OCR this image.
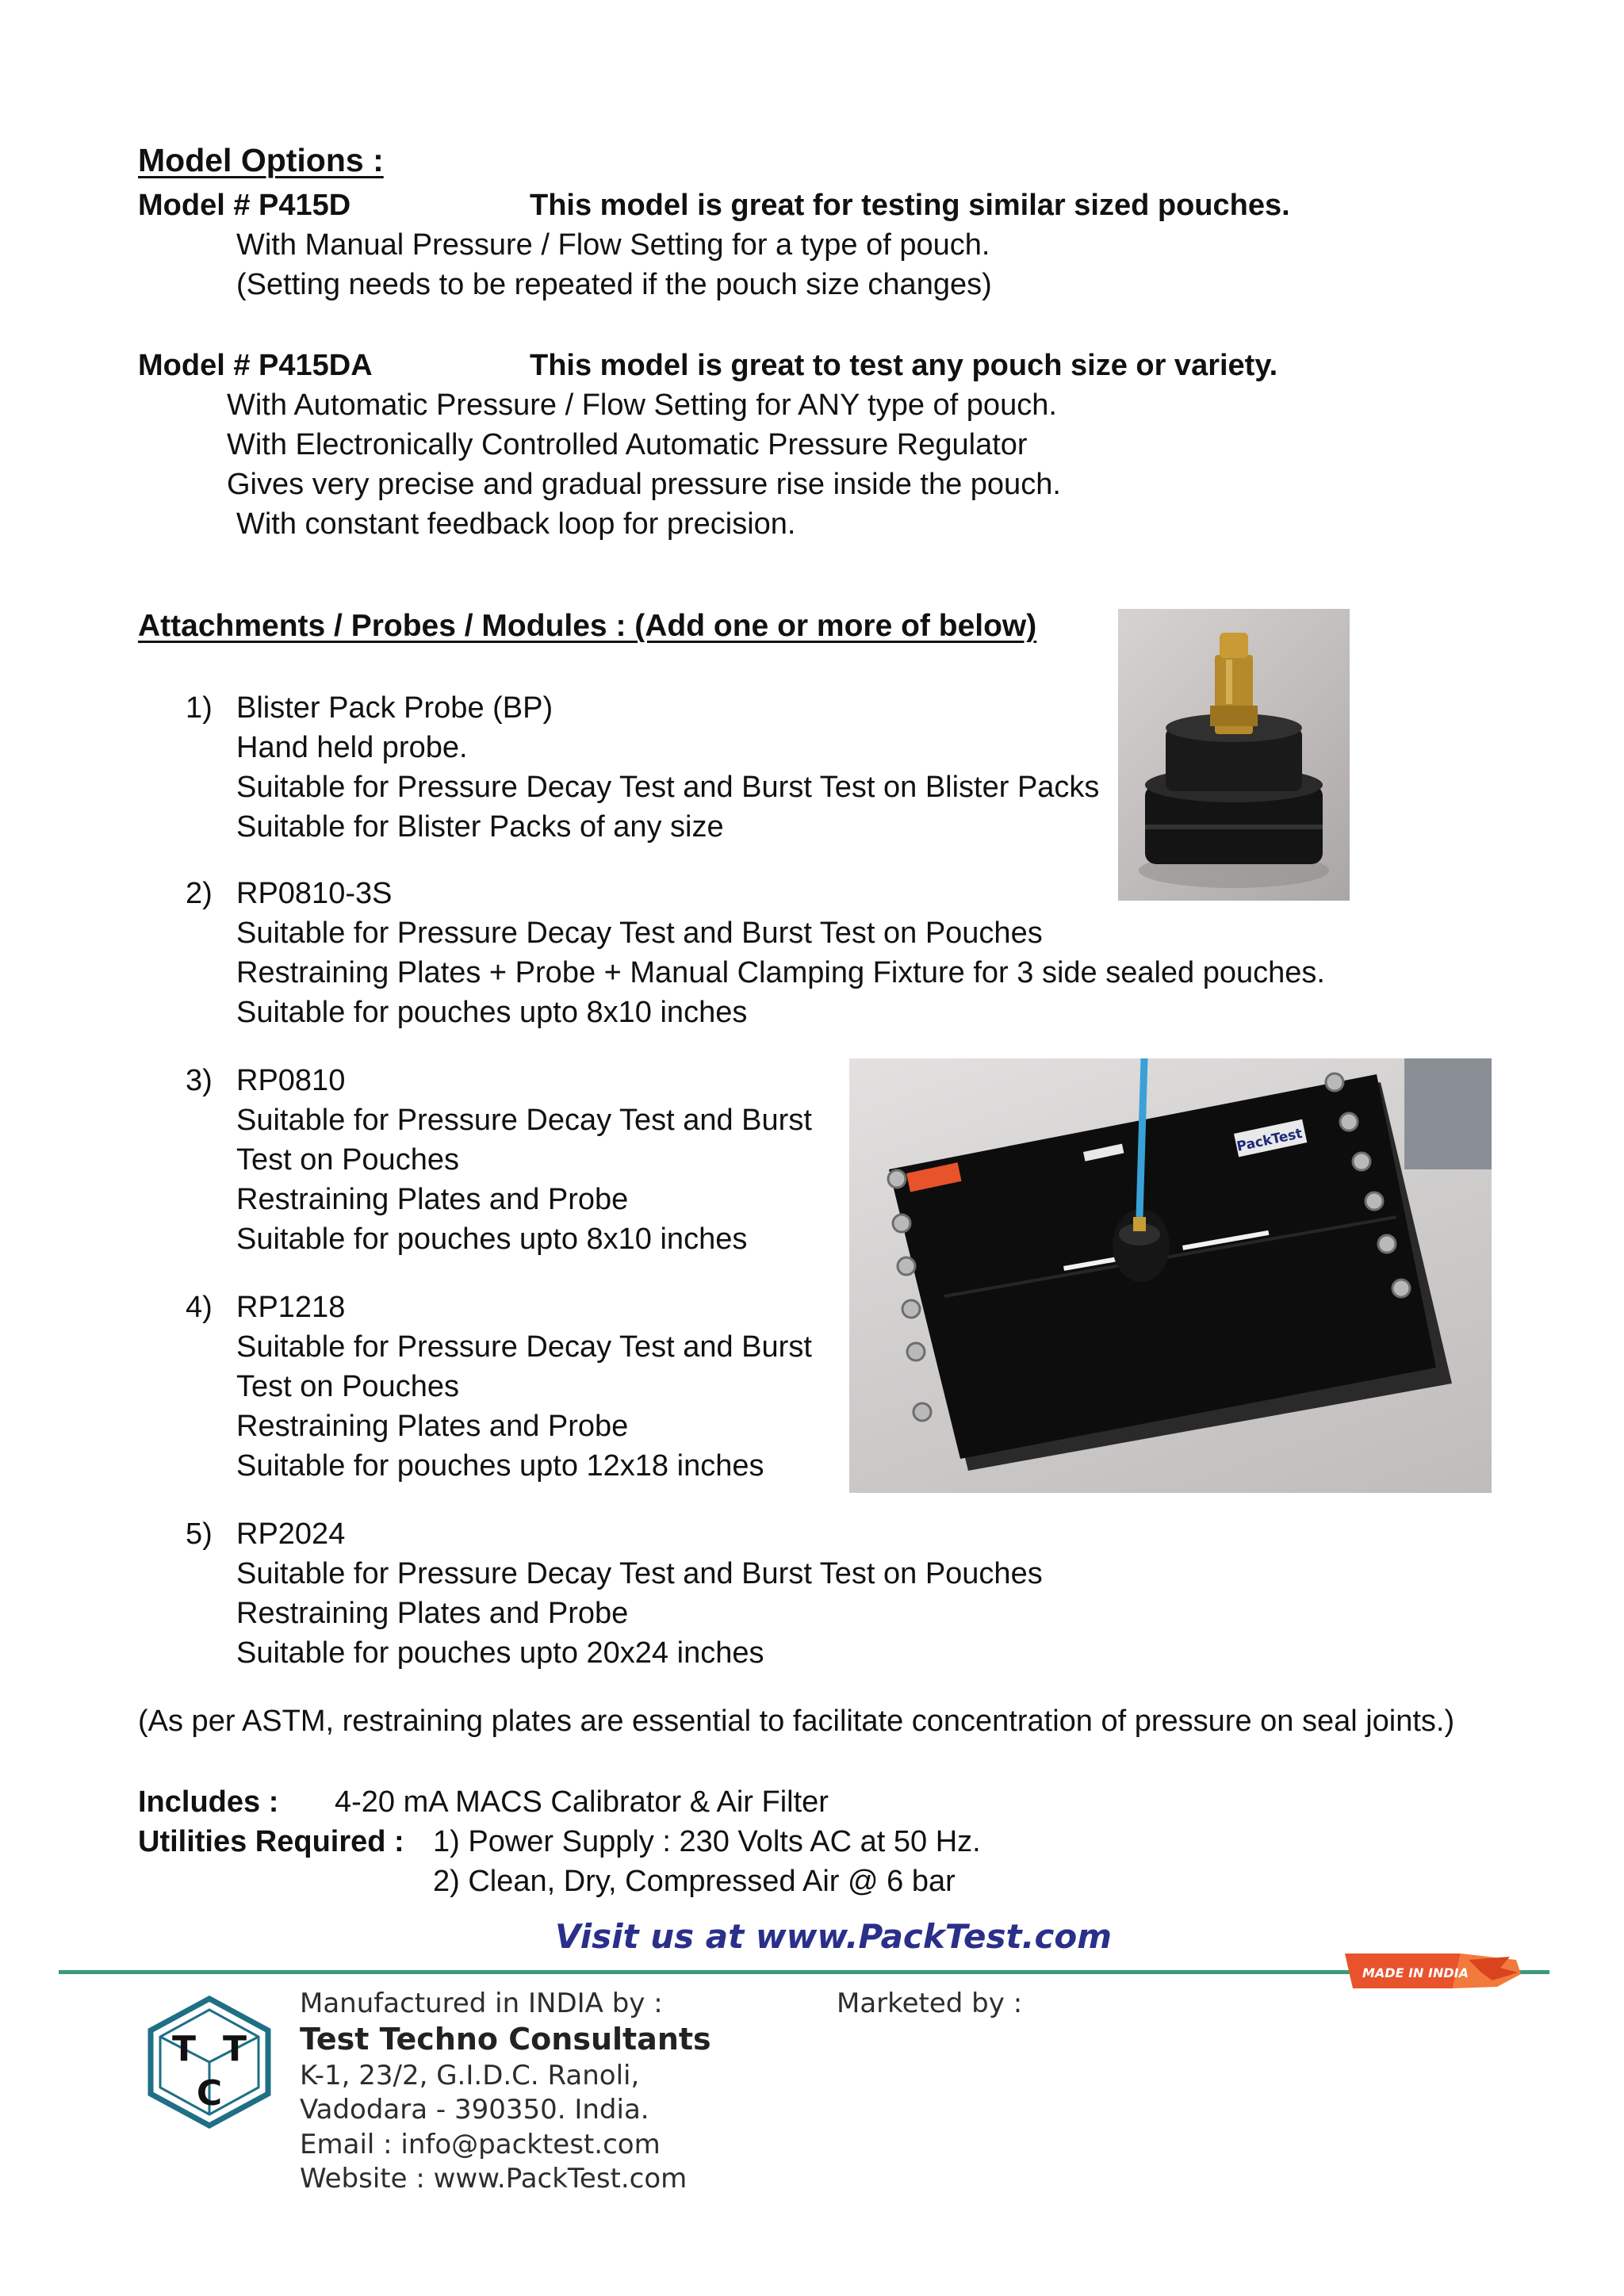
Model Options :
Model # P415D	This model is great for testing similar sized pouches.
With Manual Pressure / Flow Setting for a type of pouch.
(Setting needs to be repeated if the pouch size changes)
Model # P415DA	This model is great to test any pouch size or variety.
With Automatic Pressure / Flow Setting for ANY type of pouch.
With Electronically Controlled Automatic Pressure Regulator
Gives very precise and gradual pressure rise inside the pouch.
With constant feedback loop for precision.
Attachments / Probes / Modules : (Add one or more of below)
1) Blister Pack Probe (BP)
Hand held probe.
Suitable for Pressure Decay Test and Burst Test on Blister Packs
Suitable for Blister Packs of any size
2) RP0810-3S
Suitable for Pressure Decay Test and Burst Test on Pouches
Restraining Plates + Probe + Manual Clamping Fixture for 3 side sealed pouches.
Suitable for pouches upto 8x10 inches
3) RP0810
Suitable for Pressure Decay Test and Burst
Test on Pouches
Restraining Plates and Probe
Suitable for pouches upto 8x10 inches
PackTest
4) RP1218
Suitable for Pressure Decay Test and Burst
Test on Pouches
Restraining Plates and Probe
Suitable for pouches upto 12x18 inches
5) RP2024
Suitable for Pressure Decay Test and Burst Test on Pouches
Restraining Plates and Probe
Suitable for pouches upto 20x24 inches
(As per ASTM, restraining plates are essential to facilitate concentration of pressure on seal joints.)
Includes : 4-20 mA MACS Calibrator & Air Filter
Utilities Required : 1) Power Supply : 230 Volts AC at 50 Hz.
2) Clean, Dry, Compressed Air @ 6 bar
Visit us at www.PackTest.com
MADE IN INDIA
T T
C
Manufactured in INDIA by :
Test Techno Consultants
K-1, 23/2, G.I.D.C. Ranoli,
Vadodara - 390350. India.
Email : info@packtest.com
Website : www.PackTest.com
Marketed by :
